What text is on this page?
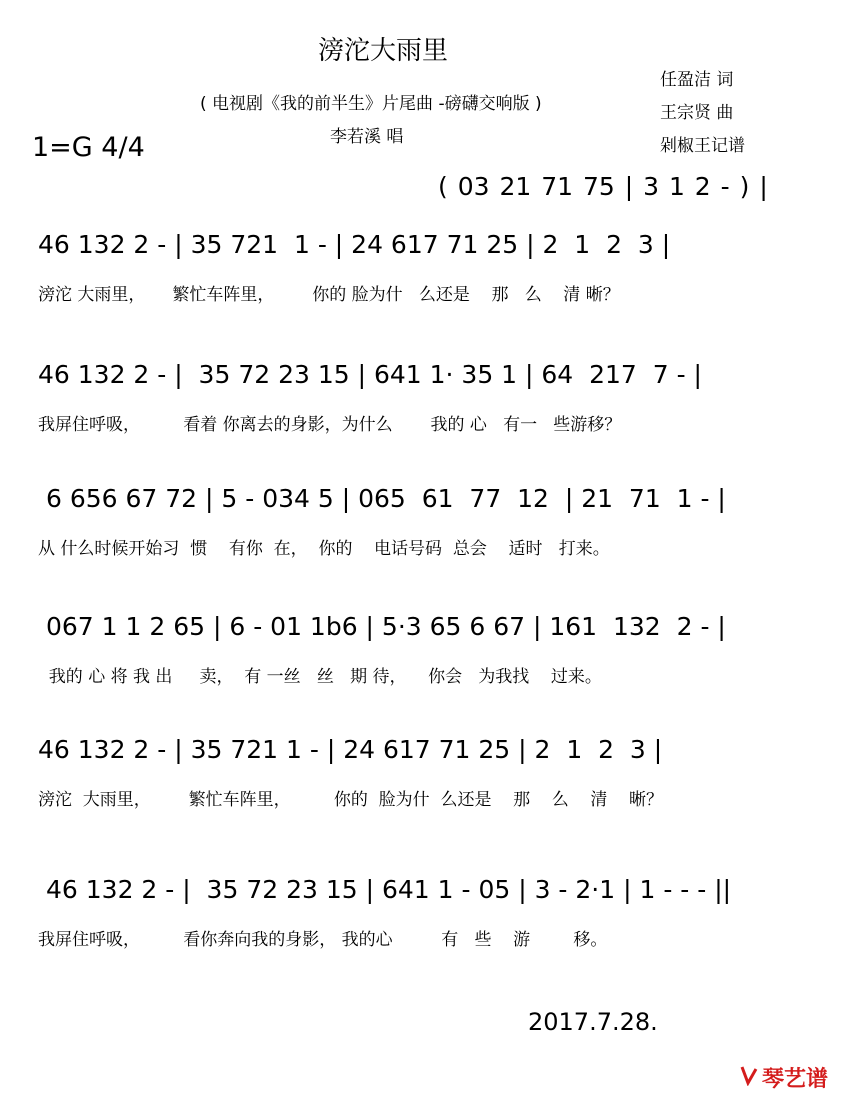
滂沱大雨里
( 电视剧《我的前半生》片尾曲 -磅礴交响版 )
李若溪 唱
任盈洁 词
王宗贤 曲
剁椒王记谱
1=G 4/4
( 03 21 71 75 | 3 1 2 - ) |
46 132 2 - | 35 721  1 - | 24 617 71 25 | 2  1  2  3 |
滂沱 大雨里，     繁忙车阵里，       你的 脸为什   么还是    那   么    清 晰？
46 132 2 - |  35 72 23 15 | 641 1· 35 1 | 64  217  7 - |
我屏住呼吸，        看着 你离去的身影，为什么       我的 心   有一   些游移？
6 656 67 72 | 5 - 034 5 | 065  61  77  12  | 21  71  1 - |
从 什么时候开始习  惯    有你  在，  你的    电话号码  总会    适时   打来。
067 1 1 2 65 | 6 - 01 1b6 | 5·3 65 6 67 | 161  132  2 - |
我的 心 将 我 出     卖，  有 一丝   丝   期 待，    你会   为我找    过来。
46 132 2 - | 35 721 1 - | 24 617 71 25 | 2  1  2  3 |
滂沱  大雨里，       繁忙车阵里，        你的  脸为什  么还是    那    么    清    晰？
46 132 2 - |  35 72 23 15 | 641 1 - 05 | 3 - 2·1 | 1 - - - ||
我屏住呼吸，        看你奔向我的身影， 我的心         有   些    游        移。
2017.7.28.
琴艺谱
